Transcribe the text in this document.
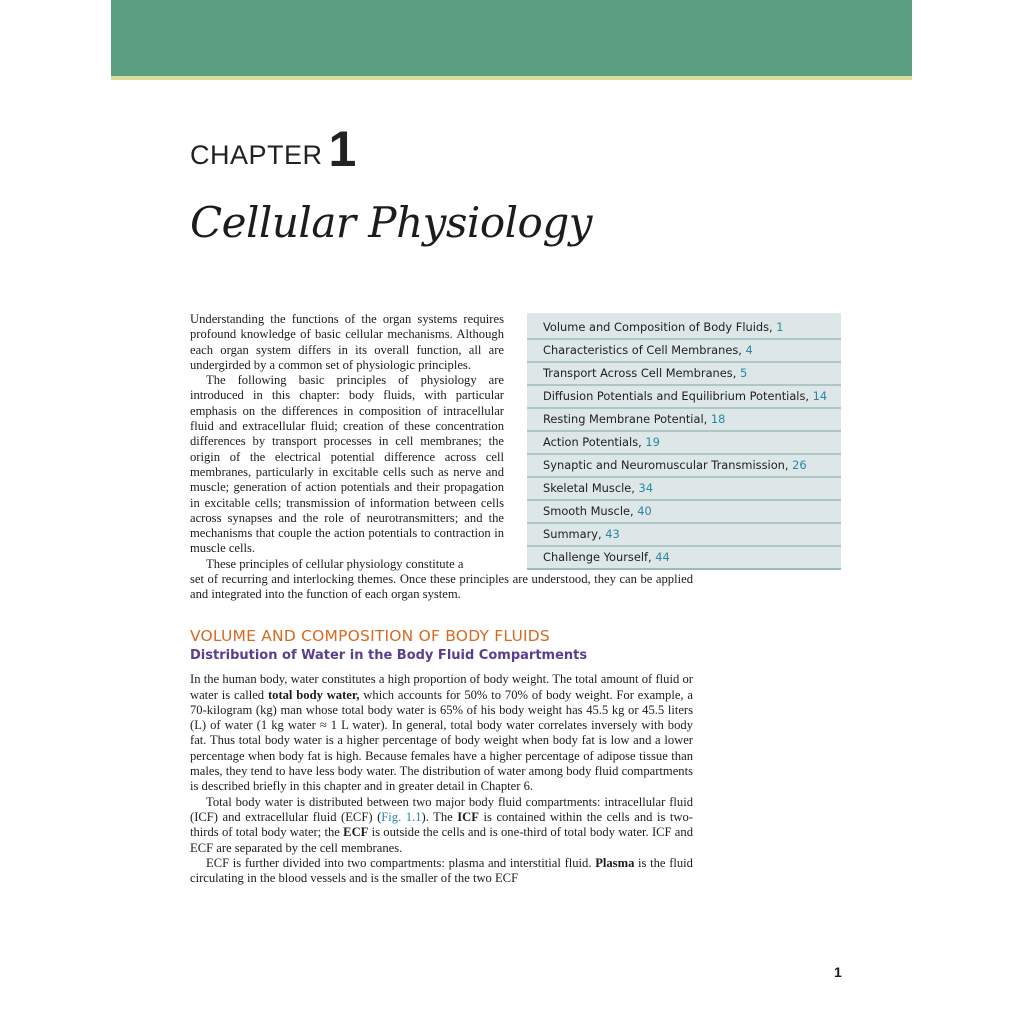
CHAPTER 1
Cellular Physiology
Volume and Composition of Body Fluids, 1
Characteristics of Cell Membranes, 4
Transport Across Cell Membranes, 5
Diffusion Potentials and Equilibrium Potentials, 14
Resting Membrane Potential, 18
Action Potentials, 19
Synaptic and Neuromuscular Transmission, 26
Skeletal Muscle, 34
Smooth Muscle, 40
Summary, 43
Challenge Yourself, 44

Understanding the functions of the organ systems requires profound knowledge of basic cellular mechanisms. Although each organ system differs in its overall function, all are undergirded by a common set of physiologic principles.

The following basic principles of physiology are introduced in this chapter: body fluids, with particular emphasis on the differences in composition of intracellular fluid and extracellular fluid; creation of these concentration differences by transport processes in cell membranes; the origin of the electrical potential difference across cell membranes, particularly in excitable cells such as nerve and muscle; generation of action potentials and their propagation in excitable cells; transmission of information between cells across synapses and the role of neurotransmitters; and the mechanisms that couple the action potentials to contraction in muscle cells.

These principles of cellular physiology constitute a

set of recurring and interlocking themes. Once these principles are understood, they can be applied and integrated into the function of each organ system.

VOLUME AND COMPOSITION OF BODY FLUIDS
Distribution of Water in the Body Fluid Compartments

In the human body, water constitutes a high proportion of body weight. The total amount of fluid or water is called total body water, which accounts for 50% to 70% of body weight. For example, a 70-kilogram (kg) man whose total body water is 65% of his body weight has 45.5 kg or 45.5 liters (L) of water (1 kg water ≈ 1 L water). In general, total body water correlates inversely with body fat. Thus total body water is a higher percentage of body weight when body fat is low and a lower percentage when body fat is high. Because females have a higher percentage of adipose tissue than males, they tend to have less body water. The distribution of water among body fluid compartments is described briefly in this chapter and in greater detail in Chapter 6.

Total body water is distributed between two major body fluid compartments: intracellular fluid (ICF) and extracellular fluid (ECF) (Fig. 1.1). The ICF is contained within the cells and is two-thirds of total body water; the ECF is outside the cells and is one-third of total body water. ICF and ECF are separated by the cell membranes.

ECF is further divided into two compartments: plasma and interstitial fluid. Plasma is the fluid circulating in the blood vessels and is the smaller of the two ECF

1
